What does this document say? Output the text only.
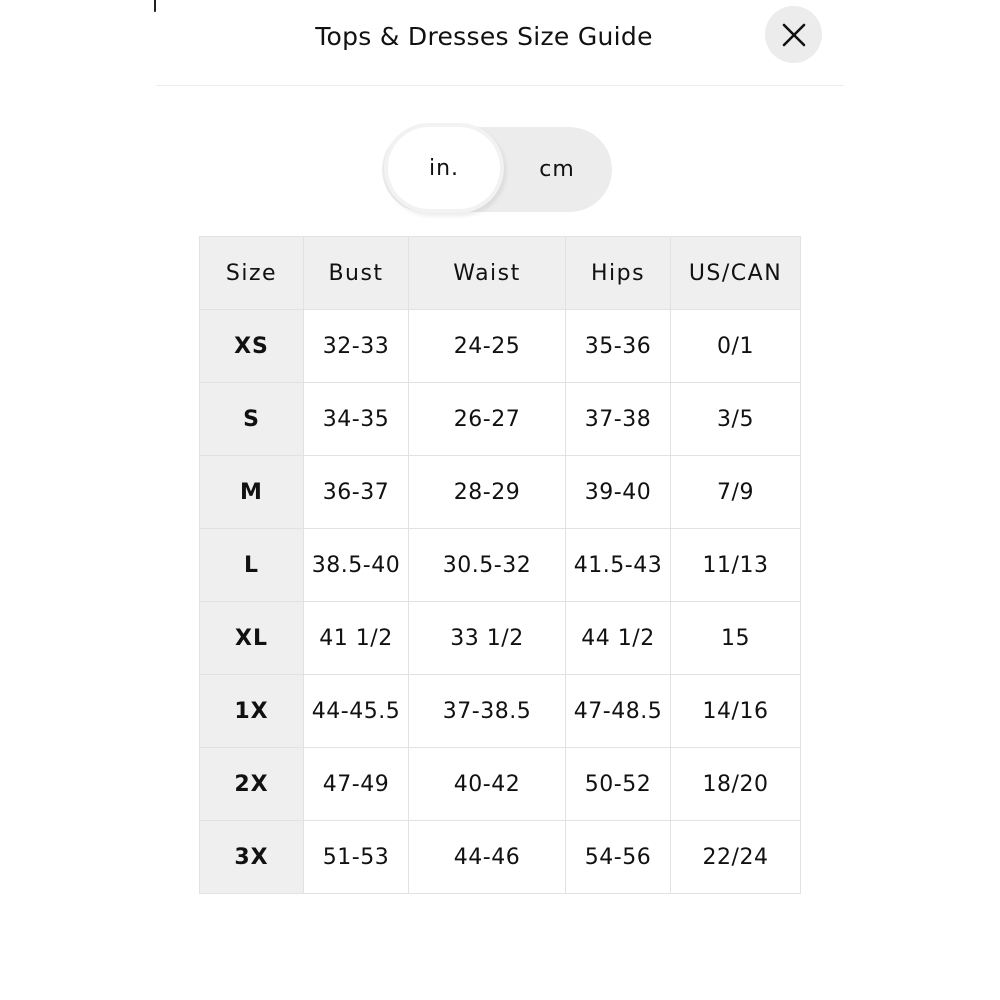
Tops & Dresses Size Guide
cm
in.
Size	Bust	Waist	Hips	US/CAN
XS	32-33	24-25	35-36	0/1
S	34-35	26-27	37-38	3/5
M	36-37	28-29	39-40	7/9
L	38.5-40	30.5-32	41.5-43	11/13
XL	41 1/2	33 1/2	44 1/2	15
1X	44-45.5	37-38.5	47-48.5	14/16
2X	47-49	40-42	50-52	18/20
3X	51-53	44-46	54-56	22/24
